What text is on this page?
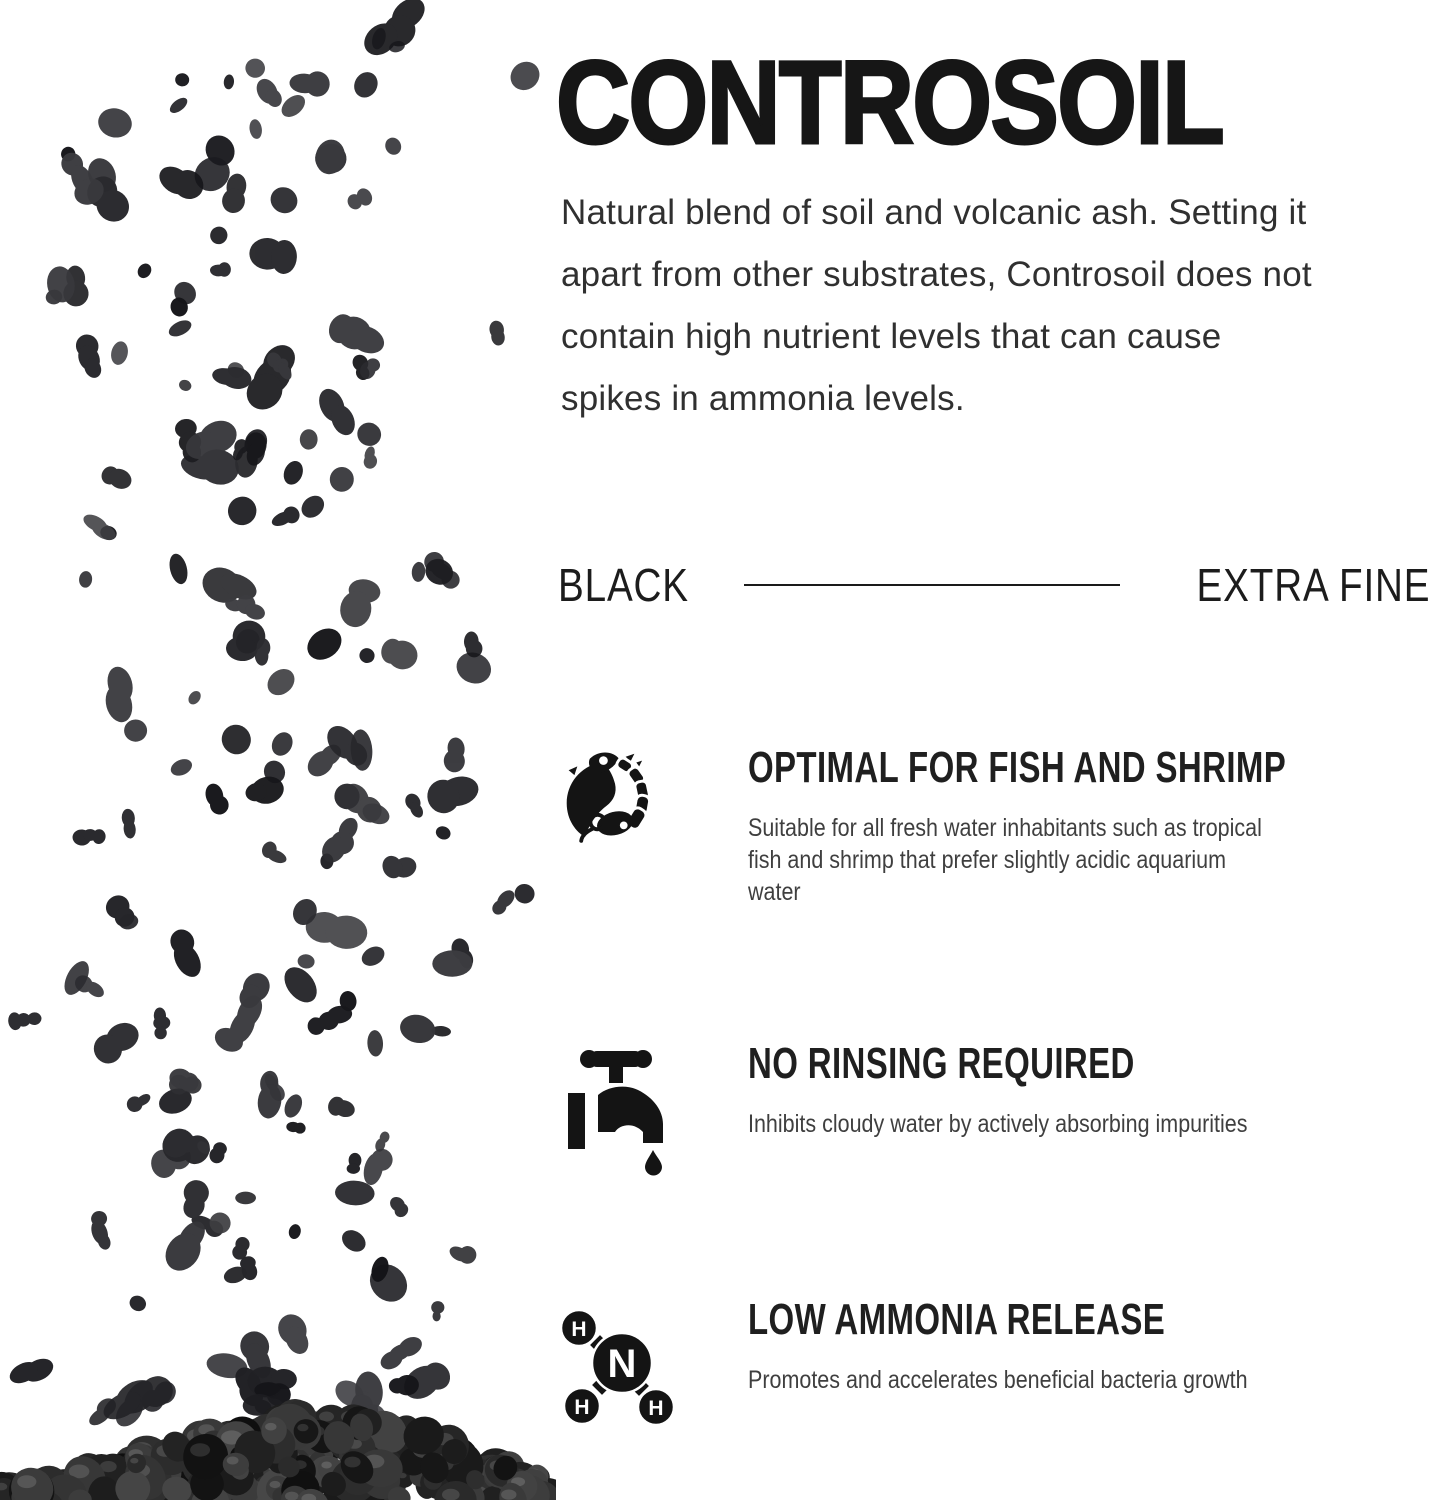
CONTROSOIL
Natural blend of soil and volcanic ash. Setting it
apart from other substrates, Controsoil does not
contain high nutrient levels that can cause
spikes in ammonia levels.
BLACK	EXTRA FINE
OPTIMAL FOR FISH AND SHRIMP

Suitable for all fresh water inhabitants such as tropical
fish and shrimp that prefer slightly acidic aquarium
water

NO RINSING REQUIRED

Inhibits cloudy water by actively absorbing impurities

N
H
H	H
LOW AMMONIA RELEASE

Promotes and accelerates beneficial bacteria growth
